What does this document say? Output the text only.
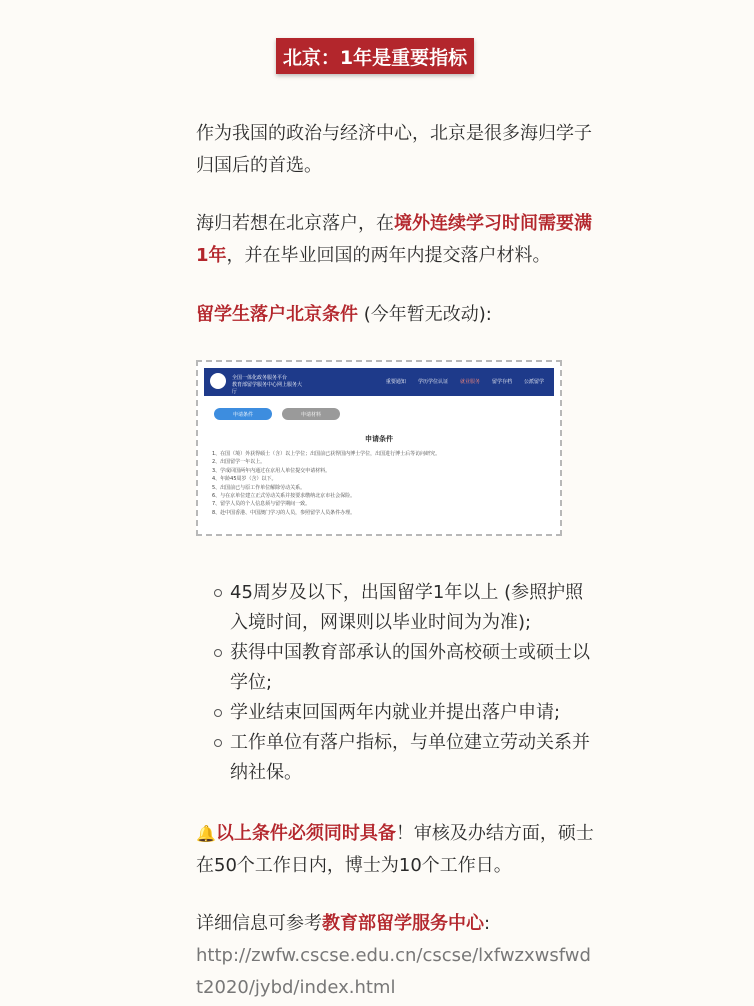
北京：1年是重要指标

作为我国的政治与经济中心，北京是很多海归学子归国后的首选。

海归若想在北京落户，在境外连续学习时间需要满1年，并在毕业回国的两年内提交落户材料。

留学生落户北京条件 (今年暂无改动):
全国一体化政务服务平台
教育部留学服务中心网上服务大厅
重要通知 学历学位认证 就业服务 留学存档 公派留学
申请条件	申请材料
申请条件
1、在国（境）外获得硕士（含）以上学位；出国前已获得国内博士学位，出国进行博士后等访问研究。
2、出国留学一年以上。
3、学成回国两年内通过在京用人单位提交申请材料。
4、年龄45周岁（含）以下。
5、出国前已与原工作单位解除劳动关系。
6、与在京单位建立正式劳动关系并按要求缴纳北京市社会保险。
7、留学人员的个人信息须与留学期间一致。
8、赴中国香港、中国澳门学习的人员，参照留学人员条件办理。
45周岁及以下，出国留学1年以上 (参照护照入境时间，网课则以毕业时间为为准);
获得中国教育部承认的国外高校硕士或硕士以学位;
学业结束回国两年内就业并提出落户申请;
工作单位有落户指标，与单位建立劳动关系并纳社保。

🔔以上条件必须同时具备！审核及办结方面，硕士在50个工作日内，博士为10个工作日。

详细信息可参考教育部留学服务中心:
http://zwfw.cscse.edu.cn/cscse/lxfwzxwsfwdt2020/jybd/index.html
